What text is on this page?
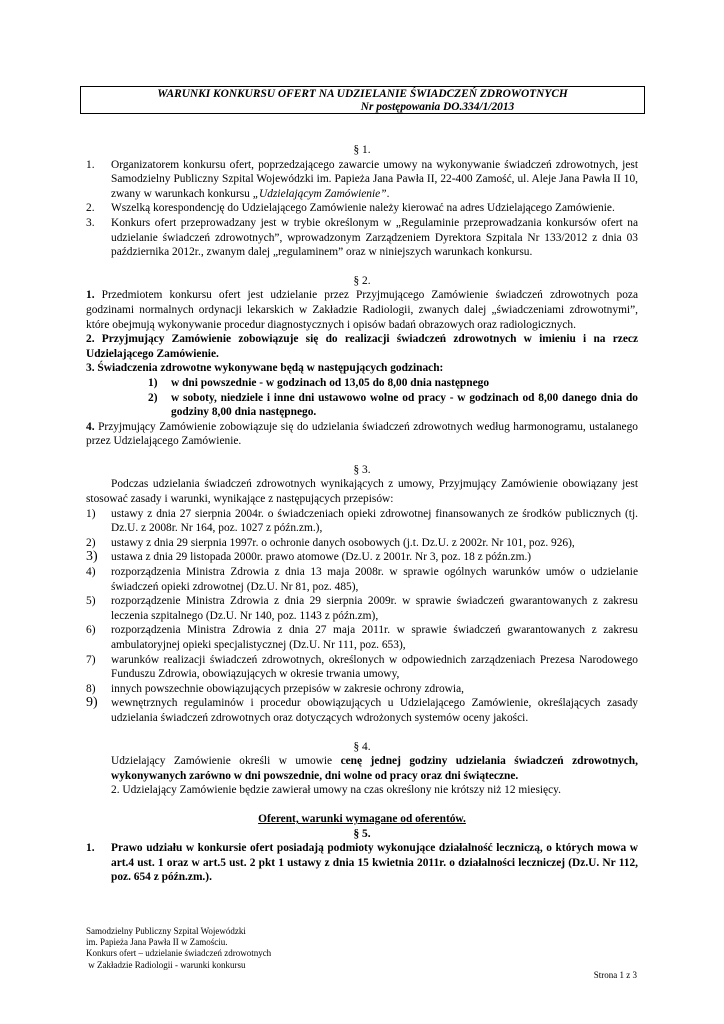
WARUNKI KONKURSU OFERT NA UDZIELANIE ŚWIADCZEŃ ZDROWOTNYCH
Nr postępowania DO.334/1/2013

§ 1.

1. Organizatorem konkursu ofert, poprzedzającego zawarcie umowy na wykonywanie świadczeń zdrowotnych, jest Samodzielny Publiczny Szpital Wojewódzki im. Papieża Jana Pawła II, 22-400 Zamość, ul. Aleje Jana Pawła II 10, zwany w warunkach konkursu „Udzielającym Zamówienie”.
2. Wszelką korespondencję do Udzielającego Zamówienie należy kierować na adres Udzielającego Zamówienie.
3. Konkurs ofert przeprowadzany jest w trybie określonym w „Regulaminie przeprowadzania konkursów ofert na udzielanie świadczeń zdrowotnych”, wprowadzonym Zarządzeniem Dyrektora Szpitala Nr 133/2012 z dnia 03 października 2012r., zwanym dalej „regulaminem” oraz w niniejszych warunkach konkursu.

§ 2.

1. Przedmiotem konkursu ofert jest udzielanie przez Przyjmującego Zamówienie świadczeń zdrowotnych poza godzinami normalnych ordynacji lekarskich w Zakładzie Radiologii, zwanych dalej „świadczeniami zdrowotnymi”, które obejmują wykonywanie procedur diagnostycznych i opisów badań obrazowych oraz radiologicznych.

2. Przyjmujący Zamówienie zobowiązuje się do realizacji świadczeń zdrowotnych w imieniu i na rzecz Udzielającego Zamówienie.

3. Świadczenia zdrowotne wykonywane będą w następujących godzinach:

1) w dni powszednie - w godzinach od 13,05 do 8,00 dnia następnego
2) w soboty, niedziele i inne dni ustawowo wolne od pracy - w godzinach od 8,00 danego dnia do godziny 8,00 dnia następnego.

4. Przyjmujący Zamówienie zobowiązuje się do udzielania świadczeń zdrowotnych według harmonogramu, ustalanego przez Udzielającego Zamówienie.

§ 3.

Podczas udzielania świadczeń zdrowotnych wynikających z umowy, Przyjmujący Zamówienie obowiązany jest stosować zasady i warunki, wynikające z następujących przepisów:

1) ustawy z dnia 27 sierpnia 2004r. o świadczeniach opieki zdrowotnej finansowanych ze środków publicznych (tj. Dz.U. z 2008r. Nr 164, poz. 1027 z późn.zm.),
2) ustawy z dnia 29 sierpnia 1997r. o ochronie danych osobowych (j.t. Dz.U. z 2002r. Nr 101, poz. 926),
3) ustawa z dnia 29 listopada 2000r. prawo atomowe (Dz.U. z 2001r. Nr 3, poz. 18 z późn.zm.)
4) rozporządzenia Ministra Zdrowia z dnia 13 maja 2008r. w sprawie ogólnych warunków umów o udzielanie świadczeń opieki zdrowotnej (Dz.U. Nr 81, poz. 485),
5) rozporządzenie Ministra Zdrowia z dnia 29 sierpnia 2009r. w sprawie świadczeń gwarantowanych z zakresu leczenia szpitalnego (Dz.U. Nr 140, poz. 1143 z późn.zm),
6) rozporządzenia Ministra Zdrowia z dnia 27 maja 2011r. w sprawie świadczeń gwarantowanych z zakresu ambulatoryjnej opieki specjalistycznej (Dz.U. Nr 111, poz. 653),
7) warunków realizacji świadczeń zdrowotnych, określonych w odpowiednich zarządzeniach Prezesa Narodowego Funduszu Zdrowia, obowiązujących w okresie trwania umowy,
8) innych powszechnie obowiązujących przepisów w zakresie ochrony zdrowia,
9) wewnętrznych regulaminów i procedur obowiązujących u Udzielającego Zamówienie, określających zasady udzielania świadczeń zdrowotnych oraz dotyczących wdrożonych systemów oceny jakości.

§ 4.

Udzielający Zamówienie określi w umowie cenę jednej godziny udzielania świadczeń zdrowotnych, wykonywanych zarówno w dni powszednie, dni wolne od pracy oraz dni świąteczne.

2. Udzielający Zamówienie będzie zawierał umowy na czas określony nie krótszy niż 12 miesięcy.

Oferent, warunki wymagane od oferentów.

§ 5.

1. Prawo udziału w konkursie ofert posiadają podmioty wykonujące działalność leczniczą, o których mowa w art.4 ust. 1 oraz w art.5 ust. 2 pkt 1 ustawy z dnia 15 kwietnia 2011r. o działalności leczniczej (Dz.U. Nr 112, poz. 654 z późn.zm.).
Samodzielny Publiczny Szpital Wojewódzki
im. Papieża Jana Pawła II w Zamościu.
Konkurs ofert – udzielanie świadczeń zdrowotnych
w Zakładzie Radiologii - warunki konkursu
Strona 1 z 3
